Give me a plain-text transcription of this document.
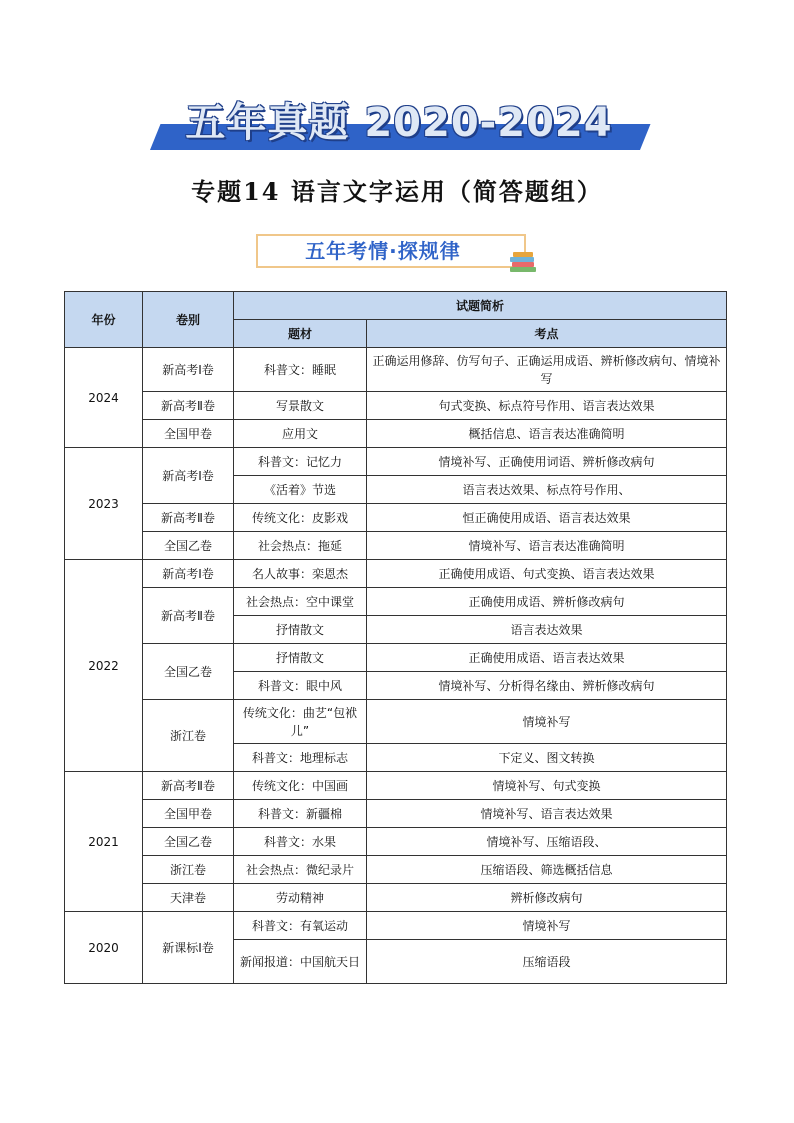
五年真题 2020-2024
专题14 语言文字运用（简答题组）
五年考情·探规律
年份	卷别	试题简析	
		题材	考点
2024	新高考Ⅰ卷	科普文：睡眠	正确运用修辞、仿写句子、正确运用成语、辨析修改病句、情境补写
	新高考Ⅱ卷	写景散文	句式变换、标点符号作用、语言表达效果
	全国甲卷	应用文	概括信息、语言表达准确简明
2023	新高考Ⅰ卷	科普文：记忆力	情境补写、正确使用词语、辨析修改病句
		《活着》节选	语言表达效果、标点符号作用、
	新高考Ⅱ卷	传统文化：皮影戏	恒正确使用成语、语言表达效果
	全国乙卷	社会热点：拖延	情境补写、语言表达准确简明
2022	新高考Ⅰ卷	名人故事：栾恩杰	正确使用成语、句式变换、语言表达效果
	新高考Ⅱ卷	社会热点：空中课堂	正确使用成语、辨析修改病句
		抒情散文	语言表达效果
	全国乙卷	抒情散文	正确使用成语、语言表达效果
		科普文：眼中风	情境补写、分析得名缘由、辨析修改病句
	浙江卷	传统文化：曲艺“包袱儿”	情境补写
		科普文：地理标志	下定义、图文转换
2021	新高考Ⅱ卷	传统文化：中国画	情境补写、句式变换
	全国甲卷	科普文：新疆棉	情境补写、语言表达效果
	全国乙卷	科普文：水果	情境补写、压缩语段、
	浙江卷	社会热点：微纪录片	压缩语段、筛选概括信息
	天津卷	劳动精神	辨析修改病句
2020	新课标Ⅰ卷	科普文：有氧运动	情境补写
		新闻报道：中国航天日	压缩语段
